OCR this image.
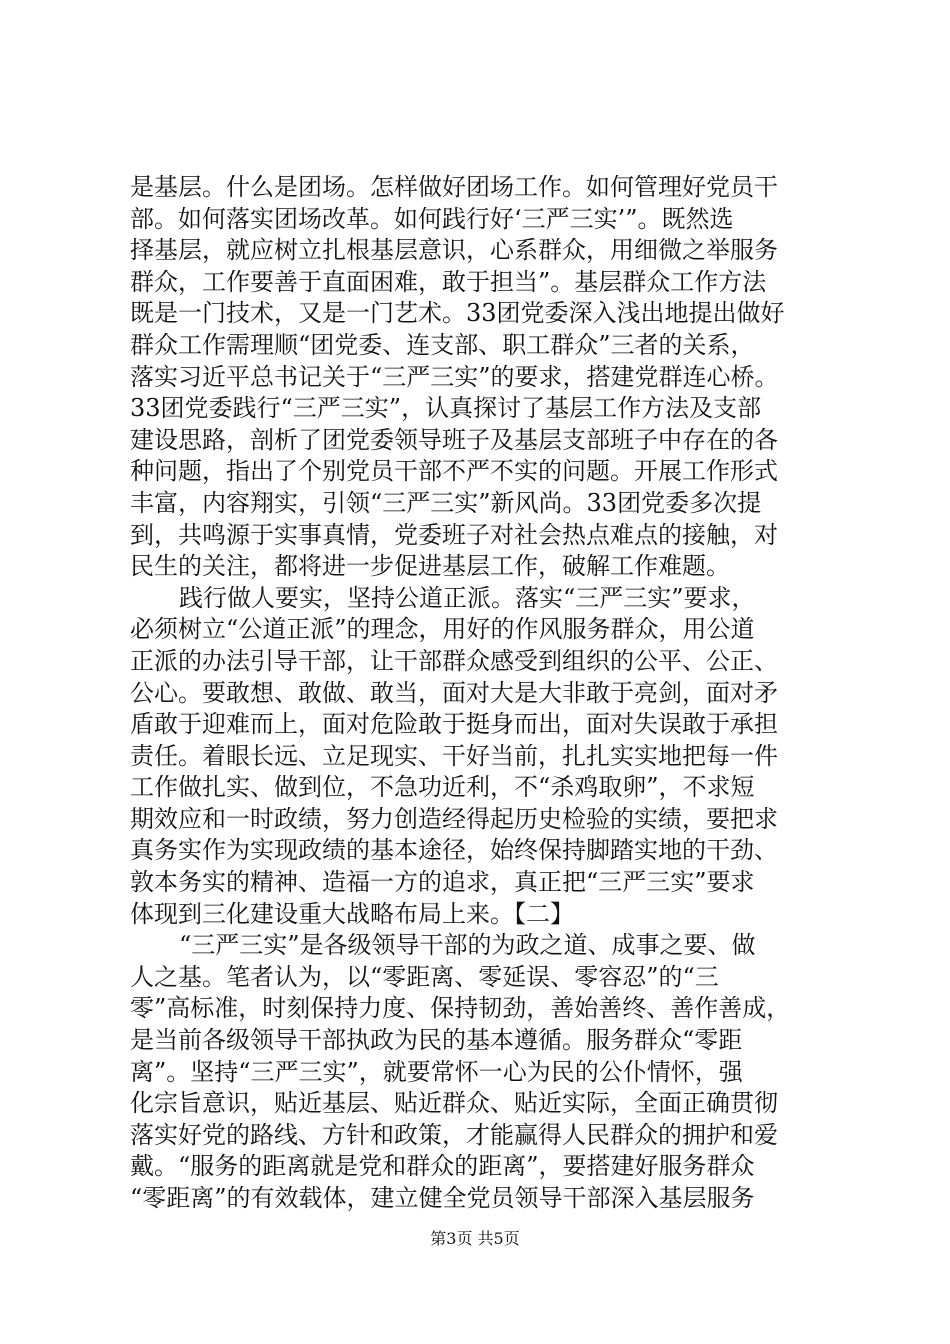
是基层。什么是团场。怎样做好团场工作。如何管理好党员干
部。如何落实团场改革。如何践行好‘三严三实’”。既然选
择基层，就应树立扎根基层意识，心系群众，用细微之举服务
群众，工作要善于直面困难，敢于担当”。基层群众工作方法
既是一门技术，又是一门艺术。33团党委深入浅出地提出做好
群众工作需理顺“团党委、连支部、职工群众”三者的关系，
落实习近平总书记关于“三严三实”的要求，搭建党群连心桥。
33团党委践行“三严三实”，认真探讨了基层工作方法及支部
建设思路，剖析了团党委领导班子及基层支部班子中存在的各
种问题，指出了个别党员干部不严不实的问题。开展工作形式
丰富，内容翔实，引领“三严三实”新风尚。33团党委多次提
到，共鸣源于实事真情，党委班子对社会热点难点的接触，对
民生的关注，都将进一步促进基层工作，破解工作难题。
践行做人要实，坚持公道正派。落实“三严三实”要求，
必须树立“公道正派”的理念，用好的作风服务群众，用公道
正派的办法引导干部，让干部群众感受到组织的公平、公正、
公心。要敢想、敢做、敢当，面对大是大非敢于亮剑，面对矛
盾敢于迎难而上，面对危险敢于挺身而出，面对失误敢于承担
责任。着眼长远、立足现实、干好当前，扎扎实实地把每一件
工作做扎实、做到位，不急功近利，不“杀鸡取卵”，不求短
期效应和一时政绩，努力创造经得起历史检验的实绩，要把求
真务实作为实现政绩的基本途径，始终保持脚踏实地的干劲、
敦本务实的精神、造福一方的追求，真正把“三严三实”要求
体现到三化建设重大战略布局上来。【二】
“三严三实”是各级领导干部的为政之道、成事之要、做
人之基。笔者认为，以“零距离、零延误、零容忍”的“三
零”高标准，时刻保持力度、保持韧劲，善始善终、善作善成，
是当前各级领导干部执政为民的基本遵循。服务群众“零距
离”。坚持“三严三实”，就要常怀一心为民的公仆情怀，强
化宗旨意识，贴近基层、贴近群众、贴近实际，全面正确贯彻
落实好党的路线、方针和政策，才能赢得人民群众的拥护和爱
戴。“服务的距离就是党和群众的距离”，要搭建好服务群众
“零距离”的有效载体，建立健全党员领导干部深入基层服务
第3页 共5页
